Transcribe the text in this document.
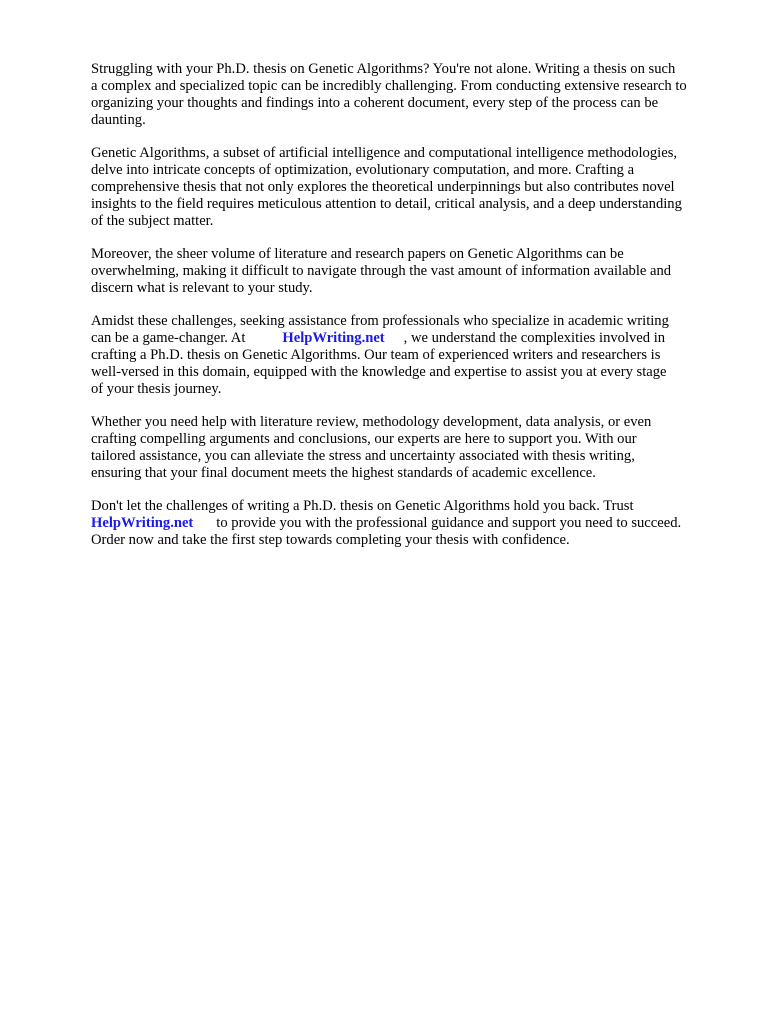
Struggling with your Ph.D. thesis on Genetic Algorithms? You're not alone. Writing a thesis on such
a complex and specialized topic can be incredibly challenging. From conducting extensive research to
organizing your thoughts and findings into a coherent document, every step of the process can be
daunting.

Genetic Algorithms, a subset of artificial intelligence and computational intelligence methodologies,
delve into intricate concepts of optimization, evolutionary computation, and more. Crafting a
comprehensive thesis that not only explores the theoretical underpinnings but also contributes novel
insights to the field requires meticulous attention to detail, critical analysis, and a deep understanding
of the subject matter.

Moreover, the sheer volume of literature and research papers on Genetic Algorithms can be
overwhelming, making it difficult to navigate through the vast amount of information available and
discern what is relevant to your study.

Amidst these challenges, seeking assistance from professionals who specialize in academic writing
can be a game-changer. At	HelpWriting.net , we understand the complexities involved in
crafting a Ph.D. thesis on Genetic Algorithms. Our team of experienced writers and researchers is
well-versed in this domain, equipped with the knowledge and expertise to assist you at every stage
of your thesis journey.

Whether you need help with literature review, methodology development, data analysis, or even
crafting compelling arguments and conclusions, our experts are here to support you. With our
tailored assistance, you can alleviate the stress and uncertainty associated with thesis writing,
ensuring that your final document meets the highest standards of academic excellence.

Don't let the challenges of writing a Ph.D. thesis on Genetic Algorithms hold you back. Trust
HelpWriting.net to provide you with the professional guidance and support you need to succeed.
Order now and take the first step towards completing your thesis with confidence.
